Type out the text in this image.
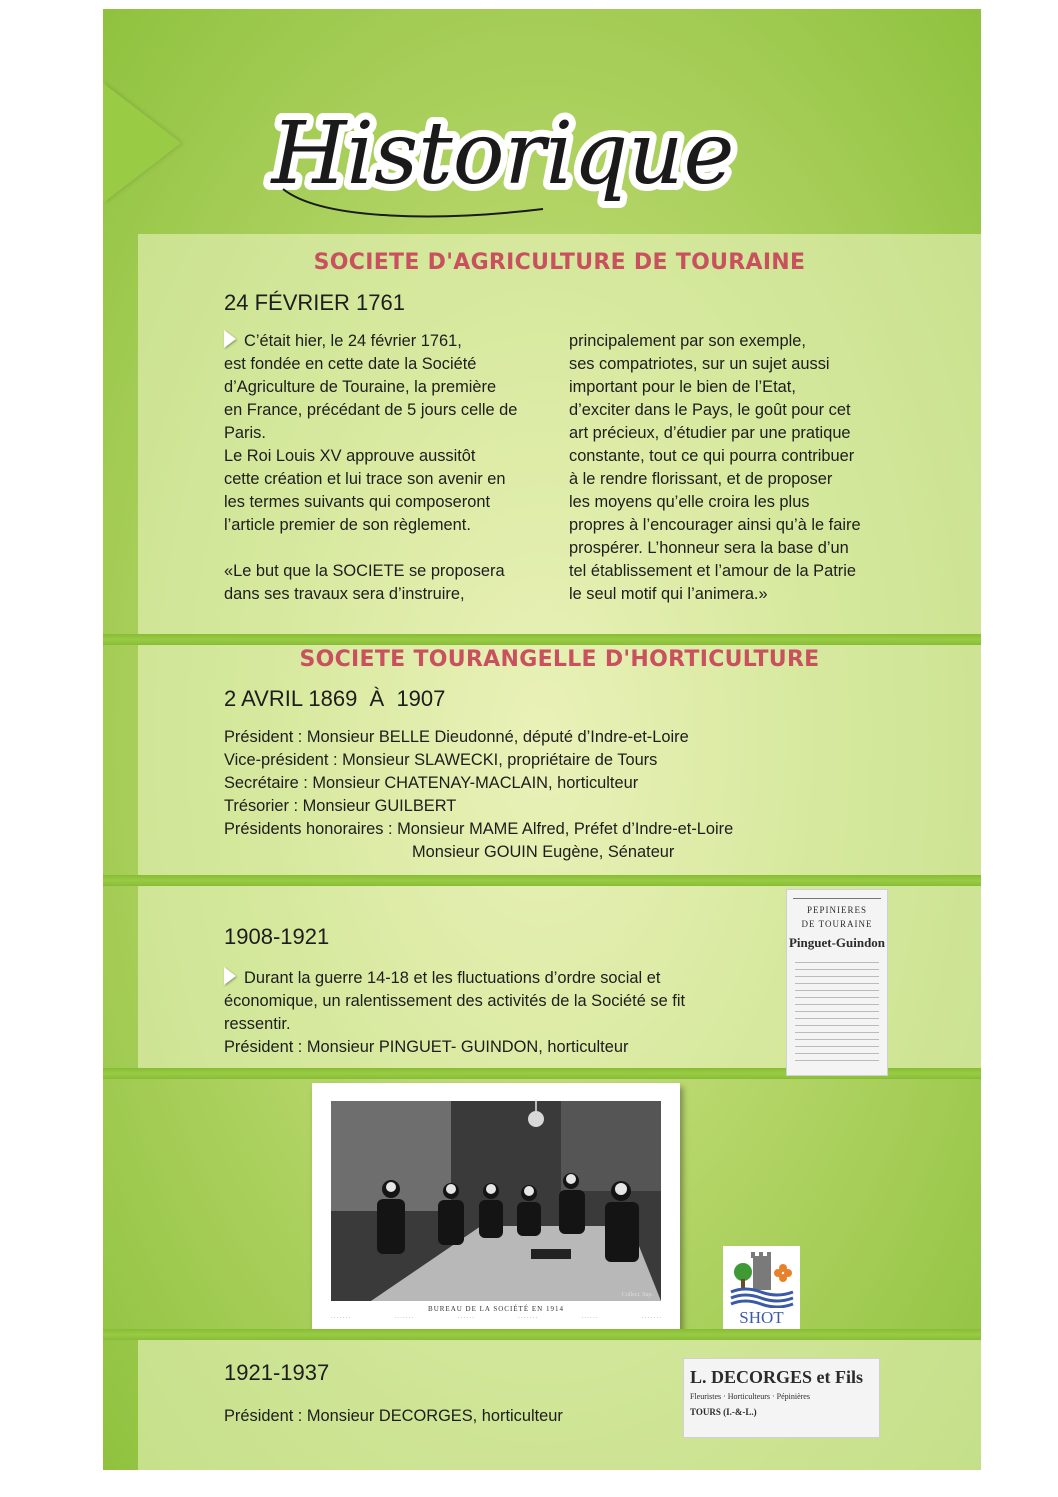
Historique
SOCIETE D'AGRICULTURE DE TOURAINE
24 FÉVRIER 1761

C’était hier, le 24 février 1761,

est fondée en cette date la Société

d’Agriculture de Touraine, la première

en France, précédant de 5 jours celle de

Paris.

Le Roi Louis XV approuve aussitôt

cette création et lui trace son avenir en

les termes suivants qui composeront

l’article premier de son règlement.

«Le but que la SOCIETE se proposera

dans ses travaux sera d’instruire,

principalement par son exemple,

ses compatriotes, sur un sujet aussi

important pour le bien de l’Etat,

d’exciter dans le Pays, le goût pour cet

art précieux, d’étudier par une pratique

constante, tout ce qui pourra contribuer

à le rendre florissant, et de proposer

les moyens qu’elle croira les plus

propres à l’encourager ainsi qu’à le faire

prospérer. L’honneur sera la base d’un

tel établissement et l’amour de la Patrie

le seul motif qui l’animera.»

SOCIETE TOURANGELLE D'HORTICULTURE
2 AVRIL 1869  À  1907
Président : Monsieur BELLE Dieudonné, député d’Indre-et-Loire
Vice-président : Monsieur SLAWECKI, propriétaire de Tours
Secrétaire : Monsieur CHATENAY-MACLAIN, horticulteur
Trésorier : Monsieur GUILBERT
Présidents honoraires : Monsieur MAME Alfred, Préfet d’Indre-et-Loire
Monsieur GOUIN Eugène, Sénateur
1908-1921

Durant la guerre 14-18 et les fluctuations d’ordre social et

économique, un ralentissement des activités de la Société se fit

ressentir.

Président : Monsieur PINGUET- GUINDON, horticulteur

PEPINIERES
DE TOURAINE
Pinguet-Guindon
Collect. Sup.
BUREAU DE LA SOCIÉTÉ EN 1914
· · · · · · ·	· · · · · · ·	· · · · · ·	· · · · · · ·	· · · · · ·	· · · · · · ·	SHOT
1921-1937
Président : Monsieur DECORGES, horticulteur
L. DECORGES et Fils
Fleuristes · Horticulteurs · Pépinières
TOURS (I.-&-L.)
